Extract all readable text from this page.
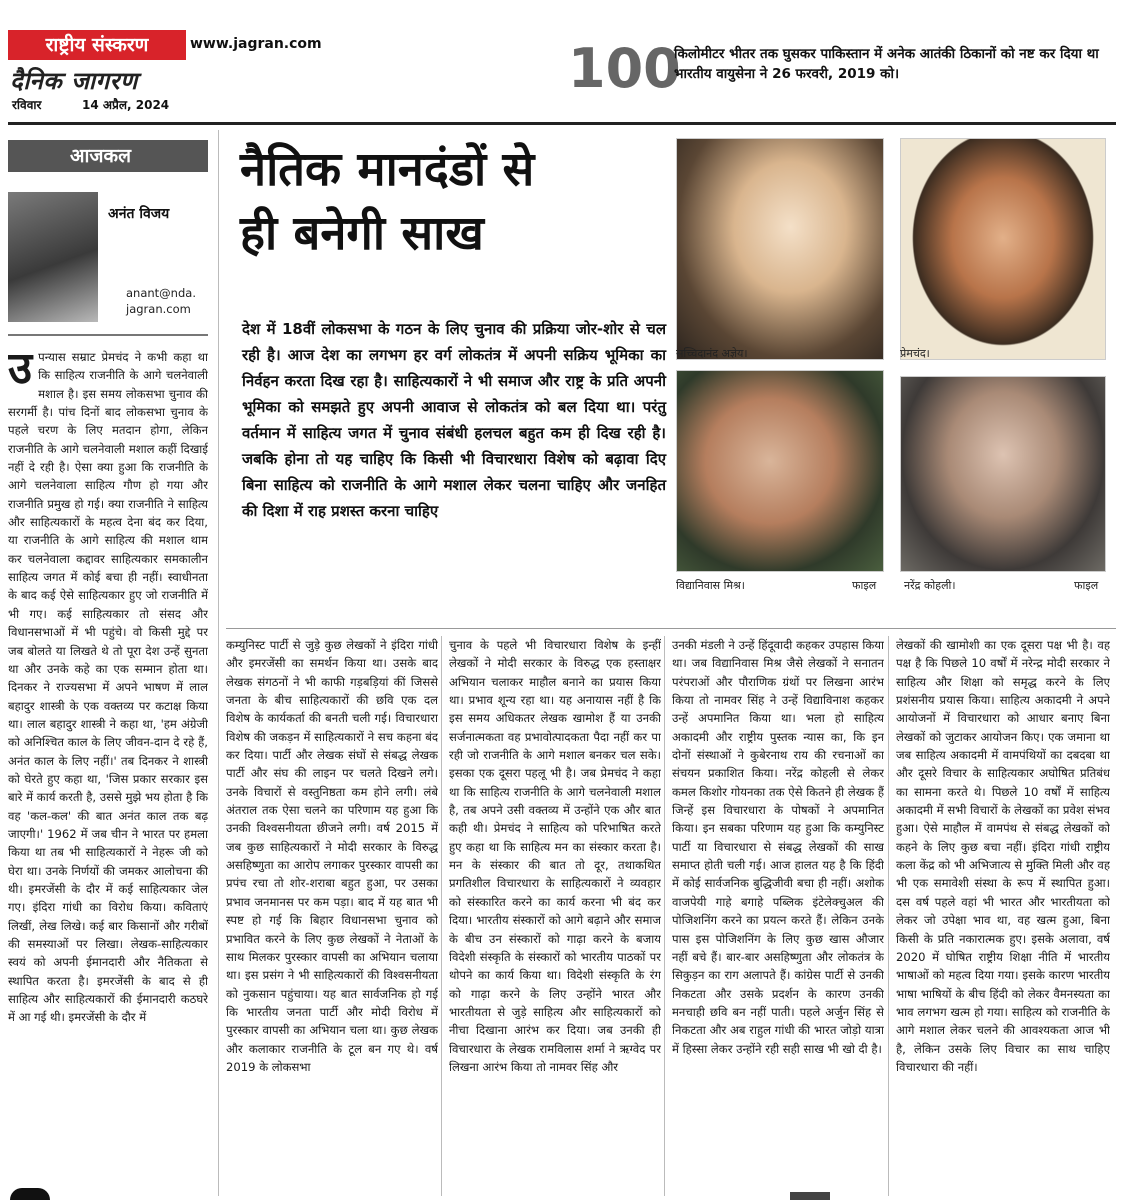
राष्ट्रीय संस्करण	www.jagran.com
दैनिक जागरण
रविवार	14 अप्रैल, 2024
100
किलोमीटर भीतर तक घुसकर पाकिस्तान में अनेक आतंकी ठिकानों को नष्ट कर दिया था भारतीय वायुसेना ने 26 फरवरी, 2019 को।
आजकल
अनंत विजय
anant@nda.
jagran.com
उ पन्यास सम्राट प्रेमचंद ने कभी कहा था कि साहित्य राजनीति के आगे चलनेवाली मशाल है। इस समय लोकसभा चुनाव की सरगर्मी है। पांच दिनों बाद लोकसभा चुनाव के पहले चरण के लिए मतदान होगा, लेकिन राजनीति के आगे चलनेवाली मशाल कहीं दिखाई नहीं दे रही है। ऐसा क्या हुआ कि राजनीति के आगे चलनेवाला साहित्य गौण हो गया और राजनीति प्रमुख हो गई। क्या राजनीति ने साहित्य और साहित्यकारों के महत्व देना बंद कर दिया, या राजनीति के आगे साहित्य की मशाल थाम कर चलनेवाला कद्दावर साहित्यकार समकालीन साहित्य जगत में कोई बचा ही नहीं। स्वाधीनता के बाद कई ऐसे साहित्यकार हुए जो राजनीति में भी गए। कई साहित्यकार तो संसद और विधानसभाओं में भी पहुंचे। वो किसी मुद्दे पर जब बोलते या लिखते थे तो पूरा देश उन्हें सुनता था और उनके कहे का एक सम्मान होता था। दिनकर ने राज्यसभा में अपने भाषण में लाल बहादुर शास्त्री के एक वक्तव्य पर कटाक्ष किया था। लाल बहादुर शास्त्री ने कहा था, 'हम अंग्रेजी को अनिश्चित काल के लिए जीवन-दान दे रहे हैं, अनंत काल के लिए नहीं।' तब दिनकर ने शास्त्री को घेरते हुए कहा था, 'जिस प्रकार सरकार इस बारे में कार्य करती है, उससे मुझे भय होता है कि वह 'कल-कल' की बात अनंत काल तक बढ़ जाएगी।' 1962 में जब चीन ने भारत पर हमला किया था तब भी साहित्यकारों ने नेहरू जी को घेरा था। उनके निर्णयों की जमकर आलोचना की थी। इमरजेंसी के दौर में कई साहित्यकार जेल गए। इंदिरा गांधी का विरोध किया। कविताएं लिखीं, लेख लिखे। कई बार किसानों और गरीबों की समस्याओं पर लिखा। लेखक-साहित्यकार स्वयं को अपनी ईमानदारी और नैतिकता से स्थापित करता है। इमरजेंसी के बाद से ही साहित्य और साहित्यकारों की ईमानदारी कठघरे में आ गई थी। इमरजेंसी के दौर में
नैतिक मानदंडों से
ही बनेगी साख
देश में 18वीं लोकसभा के गठन के लिए चुनाव की प्रक्रिया जोर-शोर से चल रही है। आज देश का लगभग हर वर्ग लोकतंत्र में अपनी सक्रिय भूमिका का निर्वहन करता दिख रहा है। साहित्यकारों ने भी समाज और राष्ट्र के प्रति अपनी भूमिका को समझते हुए अपनी आवाज से लोकतंत्र को बल दिया था। परंतु वर्तमान में साहित्य जगत में चुनाव संबंधी हलचल बहुत कम ही दिख रही है। जबकि होना तो यह चाहिए कि किसी भी विचारधारा विशेष को बढ़ावा दिए बिना साहित्य को राजनीति के आगे मशाल लेकर चलना चाहिए और जनहित की दिशा में राह प्रशस्त करना चाहिए
सच्चिदानंद अज्ञेय।	प्रेमचंद।
विद्यानिवास मिश्र।	फाइल	नरेंद्र कोहली।	फाइल
कम्युनिस्ट पार्टी से जुड़े कुछ लेखकों ने इंदिरा गांधी और इमरजेंसी का समर्थन किया था। उसके बाद लेखक संगठनों ने भी काफी गड़बड़ियां कीं जिससे जनता के बीच साहित्यकारों की छवि एक दल विशेष के कार्यकर्ता की बनती चली गई। विचारधारा विशेष की जकड़न में साहित्यकारों ने सच कहना बंद कर दिया। पार्टी और लेखक संघों से संबद्ध लेखक पार्टी और संघ की लाइन पर चलते दिखने लगे। उनके विचारों से वस्तुनिष्ठता कम होने लगी। लंबे अंतराल तक ऐसा चलने का परिणाम यह हुआ कि उनकी विश्वसनीयता छीजने लगी। वर्ष 2015 में जब कुछ साहित्यकारों ने मोदी सरकार के विरुद्ध असहिष्णुता का आरोप लगाकर पुरस्कार वापसी का प्रपंच रचा तो शोर-शराबा बहुत हुआ, पर उसका प्रभाव जनमानस पर कम पड़ा। बाद में यह बात भी स्पष्ट हो गई कि बिहार विधानसभा चुनाव को प्रभावित करने के लिए कुछ लेखकों ने नेताओं के साथ मिलकर पुरस्कार वापसी का अभियान चलाया था। इस प्रसंग ने भी साहित्यकारों की विश्वसनीयता को नुकसान पहुंचाया। यह बात सार्वजनिक हो गई कि भारतीय जनता पार्टी और मोदी विरोध में पुरस्कार वापसी का अभियान चला था। कुछ लेखक और कलाकार राजनीति के टूल बन गए थे। वर्ष 2019 के लोकसभा
चुनाव के पहले भी विचारधारा विशेष के इन्हीं लेखकों ने मोदी सरकार के विरुद्ध एक हस्ताक्षर अभियान चलाकर माहौल बनाने का प्रयास किया था। प्रभाव शून्य रहा था। यह अनायास नहीं है कि इस समय अधिकतर लेखक खामोश हैं या उनकी सर्जनात्मकता वह प्रभावोत्पादकता पैदा नहीं कर पा रही जो राजनीति के आगे मशाल बनकर चल सके। इसका एक दूसरा पहलू भी है। जब प्रेमचंद ने कहा था कि साहित्य राजनीति के आगे चलनेवाली मशाल है, तब अपने उसी वक्तव्य में उन्होंने एक और बात कही थी। प्रेमचंद ने साहित्य को परिभाषित करते हुए कहा था कि साहित्य मन का संस्कार करता है। मन के संस्कार की बात तो दूर, तथाकथित प्रगतिशील विचारधारा के साहित्यकारों ने व्यवहार को संस्कारित करने का कार्य करना भी बंद कर दिया। भारतीय संस्कारों को आगे बढ़ाने और समाज के बीच उन संस्कारों को गाढ़ा करने के बजाय विदेशी संस्कृति के संस्कारों को भारतीय पाठकों पर थोपने का कार्य किया था। विदेशी संस्कृति के रंग को गाढ़ा करने के लिए उन्होंने भारत और भारतीयता से जुड़े साहित्य और साहित्यकारों को नीचा दिखाना आरंभ कर दिया। जब उनकी ही विचारधारा के लेखक रामविलास शर्मा ने ऋग्वेद पर लिखना आरंभ किया तो नामवर सिंह और
उनकी मंडली ने उन्हें हिंदूवादी कहकर उपहास किया था। जब विद्यानिवास मिश्र जैसे लेखकों ने सनातन परंपराओं और पौराणिक ग्रंथों पर लिखना आरंभ किया तो नामवर सिंह ने उन्हें विद्याविनाश कहकर उन्हें अपमानित किया था। भला हो साहित्य अकादमी और राष्ट्रीय पुस्तक न्यास का, कि इन दोनों संस्थाओं ने कुबेरनाथ राय की रचनाओं का संचयन प्रकाशित किया। नरेंद्र कोहली से लेकर कमल किशोर गोयनका तक ऐसे कितने ही लेखक हैं जिन्हें इस विचारधारा के पोषकों ने अपमानित किया। इन सबका परिणाम यह हुआ कि कम्युनिस्ट पार्टी या विचारधारा से संबद्ध लेखकों की साख समाप्त होती चली गई। आज हालत यह है कि हिंदी में कोई सार्वजनिक बुद्धिजीवी बचा ही नहीं। अशोक वाजपेयी गाहे बगाहे पब्लिक इंटेलेक्चुअल की पोजिशनिंग करने का प्रयत्न करते हैं। लेकिन उनके पास इस पोजिशनिंग के लिए कुछ खास औजार नहीं बचे हैं। बार-बार असहिष्णुता और लोकतंत्र के सिकुड़न का राग अलापते हैं। कांग्रेस पार्टी से उनकी निकटता और उसके प्रदर्शन के कारण उनकी मनचाही छवि बन नहीं पाती। पहले अर्जुन सिंह से निकटता और अब राहुल गांधी की भारत जोड़ो यात्रा में हिस्सा लेकर उन्होंने रही सही साख भी खो दी है।
लेखकों की खामोशी का एक दूसरा पक्ष भी है। वह पक्ष है कि पिछले 10 वर्षों में नरेन्द्र मोदी सरकार ने साहित्य और शिक्षा को समृद्ध करने के लिए प्रशंसनीय प्रयास किया। साहित्य अकादमी ने अपने आयोजनों में विचारधारा को आधार बनाए बिना लेखकों को जुटाकर आयोजन किए। एक जमाना था जब साहित्य अकादमी में वामपंथियों का दबदबा था और दूसरे विचार के साहित्यकार अघोषित प्रतिबंध का सामना करते थे। पिछले 10 वर्षों में साहित्य अकादमी में सभी विचारों के लेखकों का प्रवेश संभव हुआ। ऐसे माहौल में वामपंथ से संबद्ध लेखकों को कहने के लिए कुछ बचा नहीं। इंदिरा गांधी राष्ट्रीय कला केंद्र को भी अभिजात्य से मुक्ति मिली और वह भी एक समावेशी संस्था के रूप में स्थापित हुआ। दस वर्ष पहले वहां भी भारत और भारतीयता को लेकर जो उपेक्षा भाव था, वह खत्म हुआ, बिना किसी के प्रति नकारात्मक हुए। इसके अलावा, वर्ष 2020 में घोषित राष्ट्रीय शिक्षा नीति में भारतीय भाषाओं को महत्व दिया गया। इसके कारण भारतीय भाषा भाषियों के बीच हिंदी को लेकर वैमनस्यता का भाव लगभग खत्म हो गया। साहित्य को राजनीति के आगे मशाल लेकर चलने की आवश्यकता आज भी है, लेकिन उसके लिए विचार का साथ चाहिए विचारधारा की नहीं।
